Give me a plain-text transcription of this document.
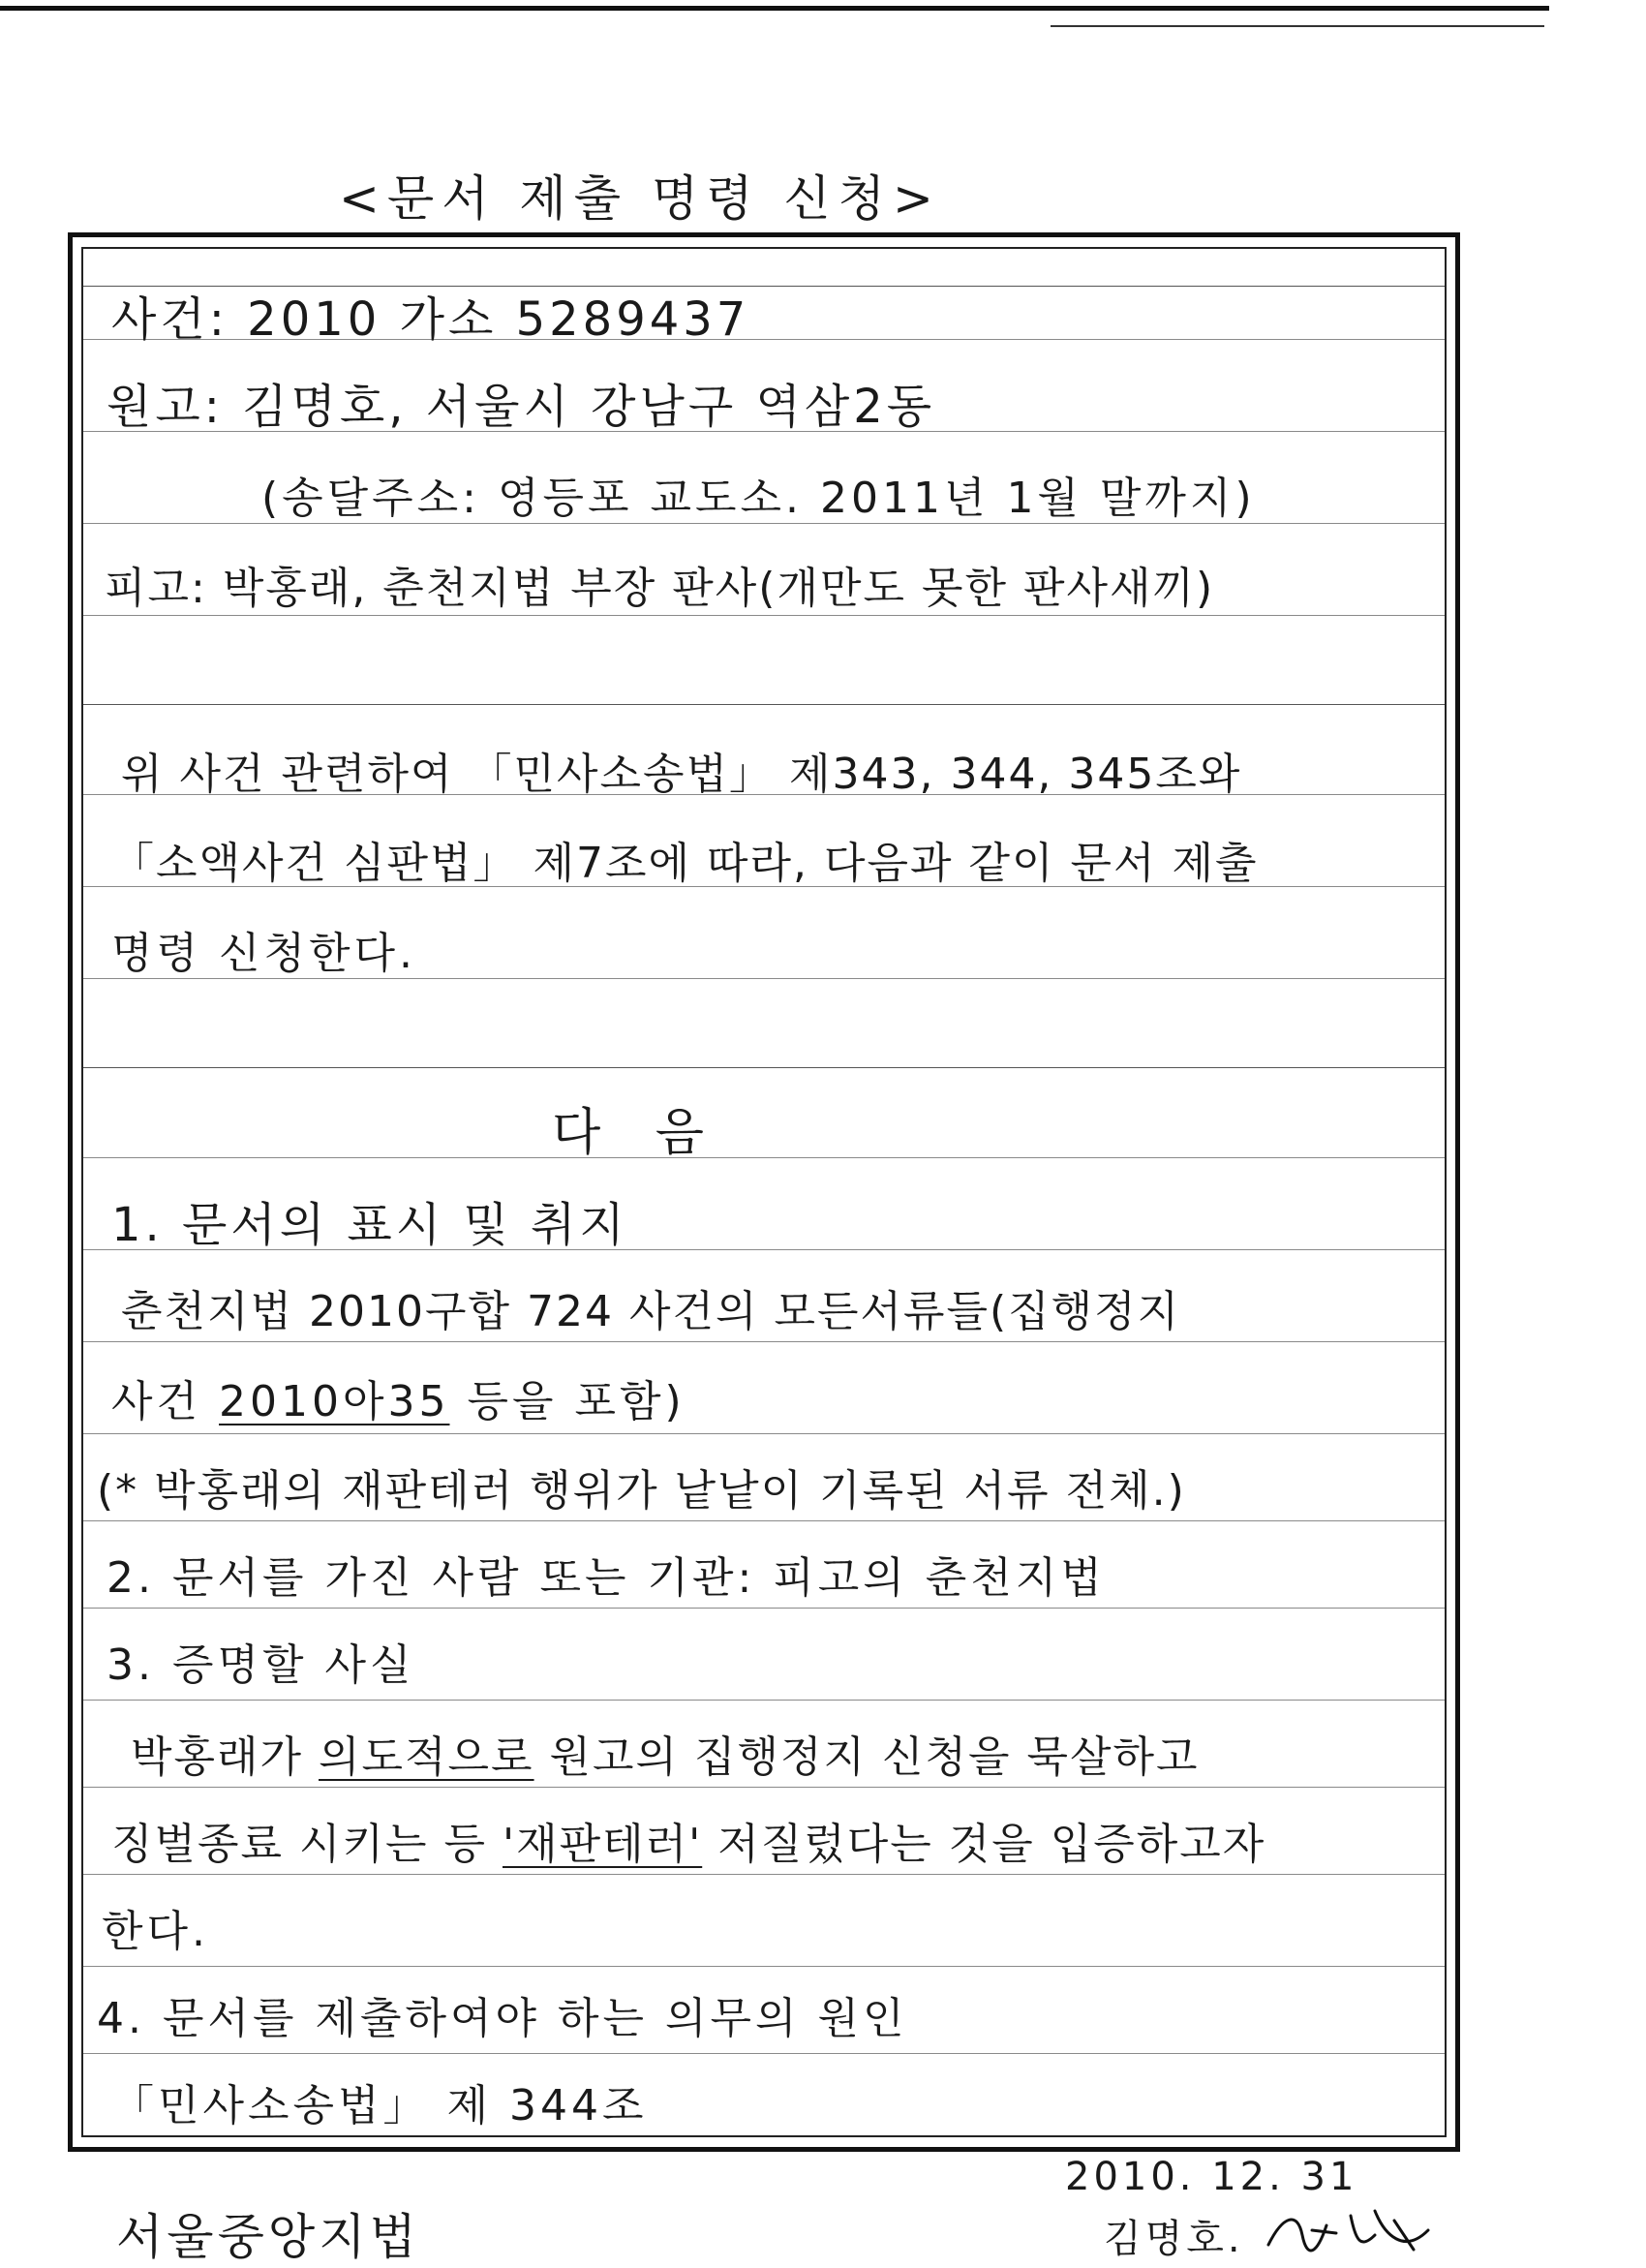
<문서 제출 명령 신청>
사건: 2010 가소 5289437
원고: 김명호, 서울시 강남구 역삼2동
(송달주소: 영등포 교도소. 2011년 1월 말까지)
피고: 박홍래, 춘천지법 부장 판사(개만도 못한 판사새끼)
위 사건 관련하여 「민사소송법」 제343, 344, 345조와
「소액사건 심판법」 제7조에 따라, 다음과 같이 문서 제출
명령 신청한다.
다 음
1. 문서의 표시 및 취지
춘천지법 2010구합 724 사건의 모든서류들(집행정지
사건 2010아35 등을 포함)
(* 박홍래의 재판테러 행위가 낱낱이 기록된 서류 전체.)
2. 문서를 가진 사람 또는 기관: 피고의 춘천지법
3. 증명할 사실
박홍래가 의도적으로 원고의 집행정지 신청을 묵살하고
징벌종료 시키는 등 '재판테러' 저질렀다는 것을 입증하고자
한다.
4. 문서를 제출하여야 하는 의무의 원인
「민사소송법」 제 344조
2010. 12. 31
김명호.
서울중앙지법
